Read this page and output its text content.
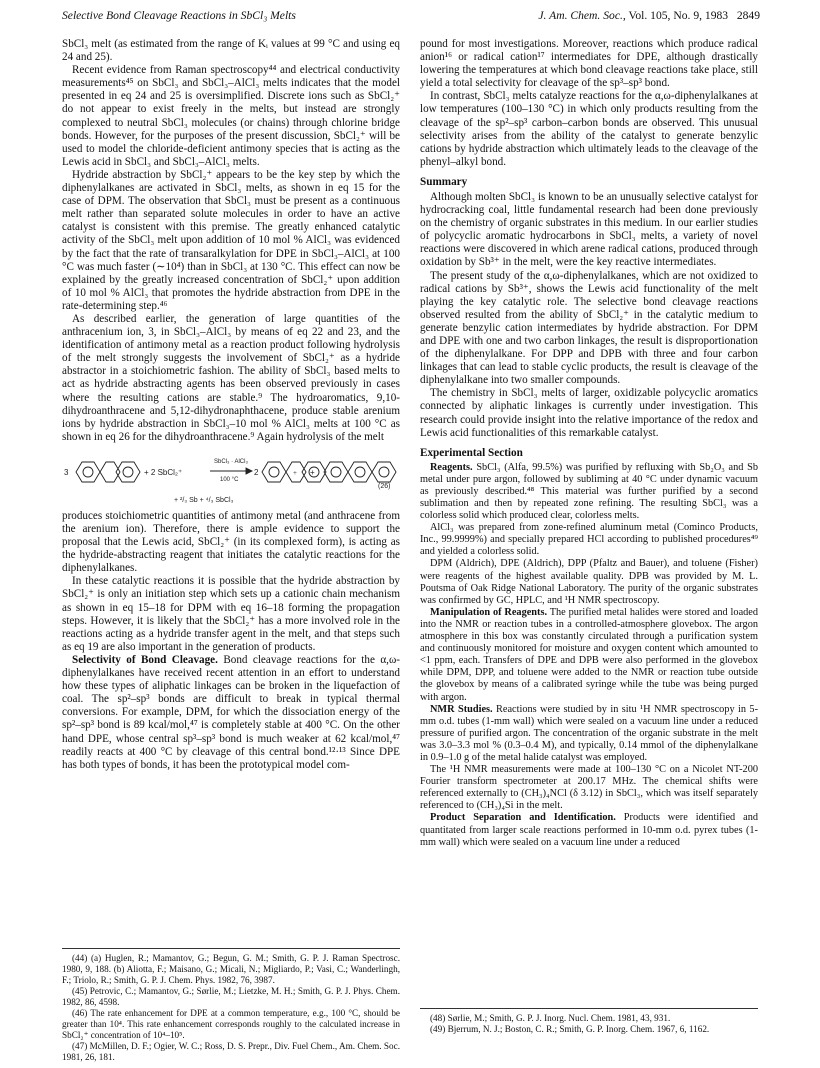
Selective Bond Cleavage Reactions in SbCl₃ Melts	J. Am. Chem. Soc., Vol. 105, No. 9, 1983 2849

SbCl₃ melt (as estimated from the range of Kᵢ values at 99 °C and using eq 24 and 25).

Recent evidence from Raman spectroscopy⁴⁴ and electrical conductivity measurements⁴⁵ on SbCl₃ and SbCl₃–AlCl₃ melts indicates that the model presented in eq 24 and 25 is oversimplified. Discrete ions such as SbCl₂⁺ do not appear to exist freely in the melts, but instead are strongly complexed to neutral SbCl₃ molecules (or chains) through chlorine bridge bonds. However, for the purposes of the present discussion, SbCl₂⁺ will be used to model the chloride-deficient antimony species that is acting as the Lewis acid in SbCl₃ and SbCl₃–AlCl₃ melts.

Hydride abstraction by SbCl₂⁺ appears to be the key step by which the diphenylalkanes are activated in SbCl₃ melts, as shown in eq 15 for the case of DPM. The observation that SbCl₃ must be present as a continuous melt rather than separated solute molecules in order to have an active catalyst is consistent with this premise. The greatly enhanced catalytic activity of the SbCl₃ melt upon addition of 10 mol % AlCl₃ was evidenced by the fact that the rate of transaralkylation for DPE in SbCl₃–AlCl₃ at 100 °C was much faster (∼10⁴) than in SbCl₃ at 130 °C. This effect can now be explained by the greatly increased concentration of SbCl₂⁺ upon addition of 10 mol % AlCl₃ that promotes the hydride abstraction from DPE in the rate-determining step.⁴⁶

As described earlier, the generation of large quantities of the anthracenium ion, 3, in SbCl₃–AlCl₃ by means of eq 22 and 23, and the identification of antimony metal as a reaction product following hydrolysis of the melt strongly suggests the involvement of SbCl₂⁺ as a hydride abstractor in a stoichiometric fashion. The ability of SbCl₃ based melts to act as hydride abstracting agents has been observed previously in cases where the resulting cations are stable.⁹ The hydroaromatics, 9,10-dihydroanthracene and 5,12-dihydronaphthacene, produce stable arenium ions by hydride abstraction in SbCl₃–10 mol % AlCl₃ melts at 100 °C as shown in eq 26 for the dihydroanthracene.⁹ Again hydrolysis of the melt

3	+ 2 SbCl₂⁺
SbCl₃ · AlCl₃
100 °C
2	+
(26)
+ ²/₃ Sb + ⁴/₃ SbCl₃
+

produces stoichiometric quantities of antimony metal (and anthracene from the arenium ion). Therefore, there is ample evidence to support the proposal that the Lewis acid, SbCl₂⁺ (in its complexed form), is acting as the hydride-abstracting reagent that initiates the catalytic reactions for the diphenylalkanes.

In these catalytic reactions it is possible that the hydride abstraction by SbCl₂⁺ is only an initiation step which sets up a cationic chain mechanism as shown in eq 15–18 for DPM with eq 16–18 forming the propagation steps. However, it is likely that the SbCl₂⁺ has a more involved role in the reactions acting as a hydride transfer agent in the melt, and that steps such as eq 19 are also important in the generation of products.

Selectivity of Bond Cleavage. Bond cleavage reactions for the α,ω-diphenylalkanes have received recent attention in an effort to understand how these types of aliphatic linkages can be broken in the liquefaction of coal. The sp²–sp³ bonds are difficult to break in typical thermal conversions. For example, DPM, for which the dissociation energy of the sp²–sp³ bond is 89 kcal/mol,⁴⁷ is completely stable at 400 °C. On the other hand DPE, whose central sp³–sp³ bond is much weaker at 62 kcal/mol,⁴⁷ readily reacts at 400 °C by cleavage of this central bond.¹²·¹³ Since DPE has both types of bonds, it has been the prototypical model com-

(44) (a) Huglen, R.; Mamantov, G.; Begun, G. M.; Smith, G. P. J. Raman Spectrosc. 1980, 9, 188. (b) Aliotta, F.; Maisano, G.; Micali, N.; Migliardo, P.; Vasi, C.; Wanderlingh, F.; Triolo, R.; Smith, G. P. J. Chem. Phys. 1982, 76, 3987.

(45) Petrovic, C.; Mamantov, G.; Sørlie, M.; Lietzke, M. H.; Smith, G. P. J. Phys. Chem. 1982, 86, 4598.

(46) The rate enhancement for DPE at a common temperature, e.g., 100 °C, should be greater than 10⁴. This rate enhancement corresponds roughly to the calculated increase in SbCl₂⁺ concentration of 10⁴–10⁵.

(47) McMillen, D. F.; Ogier, W. C.; Ross, D. S. Prepr., Div. Fuel Chem., Am. Chem. Soc. 1981, 26, 181.

pound for most investigations. Moreover, reactions which produce radical anion¹⁶ or radical cation¹⁷ intermediates for DPE, although drastically lowering the temperatures at which bond cleavage reactions take place, still yield a total selectivity for cleavage of the sp³–sp³ bond.

In contrast, SbCl₃ melts catalyze reactions for the α,ω-diphenylalkanes at low temperatures (100–130 °C) in which only products resulting from the cleavage of the sp²–sp³ carbon–carbon bonds are observed. This unusual selectivity arises from the ability of the catalyst to generate benzylic cations by hydride abstraction which ultimately leads to the cleavage of the phenyl–alkyl bond.

Summary

Although molten SbCl₃ is known to be an unusually selective catalyst for hydrocracking coal, little fundamental research had been done previously on the chemistry of organic substrates in this medium. In our earlier studies of polycyclic aromatic hydrocarbons in SbCl₃ melts, a variety of novel reactions were discovered in which arene radical cations, produced through oxidation by Sb³⁺ in the melt, were the key reactive intermediates.

The present study of the α,ω-diphenylalkanes, which are not oxidized to radical cations by Sb³⁺, shows the Lewis acid functionality of the melt playing the key catalytic role. The selective bond cleavage reactions observed resulted from the ability of SbCl₂⁺ in the catalytic medium to generate benzylic cation intermediates by hydride abstraction. For DPM and DPE with one and two carbon linkages, the result is disproportionation of the diphenylalkane. For DPP and DPB with three and four carbon linkages that can lead to stable cyclic products, the result is cleavage of the diphenylalkane into two smaller compounds.

The chemistry in SbCl₃ melts of larger, oxidizable polycyclic aromatics connected by aliphatic linkages is currently under investigation. This research could provide insight into the relative importance of the redox and Lewis acid functionalities of this remarkable catalyst.

Experimental Section

Reagents. SbCl₃ (Alfa, 99.5%) was purified by refluxing with Sb₂O₃ and Sb metal under pure argon, followed by subliming at 40 °C under dynamic vacuum as previously described.⁴⁸ This material was further purified by a second sublimation and then by repeated zone refining. The resulting SbCl₃ was a colorless solid which produced clear, colorless melts.

AlCl₃ was prepared from zone-refined aluminum metal (Cominco Products, Inc., 99.9999%) and specially prepared HCl according to published procedures⁴⁹ and yielded a colorless solid.

DPM (Aldrich), DPE (Aldrich), DPP (Pfaltz and Bauer), and toluene (Fisher) were reagents of the highest available quality. DPB was provided by M. L. Poutsma of Oak Ridge National Laboratory. The purity of the organic substrates was confirmed by GC, HPLC, and ¹H NMR spectroscopy.

Manipulation of Reagents. The purified metal halides were stored and loaded into the NMR or reaction tubes in a controlled-atmosphere glovebox. The argon atmosphere in this box was constantly circulated through a purification system and continuously monitored for moisture and oxygen content which amounted to <1 ppm, each. Transfers of DPE and DPB were also performed in the glovebox while DPM, DPP, and toluene were added to the NMR or reaction tube outside the glovebox by means of a calibrated syringe while the tube was being purged with argon.

NMR Studies. Reactions were studied by in situ ¹H NMR spectroscopy in 5-mm o.d. tubes (1-mm wall) which were sealed on a vacuum line under a reduced pressure of purified argon. The concentration of the organic substrate in the melt was 3.0–3.3 mol % (0.3–0.4 M), and typically, 0.14 mmol of the diphenylalkane in 0.9–1.0 g of the metal halide catalyst was employed.

The ¹H NMR measurements were made at 100–130 °C on a Nicolet NT-200 Fourier transform spectrometer at 200.17 MHz. The chemical shifts were referenced externally to (CH₃)₄NCl (δ 3.12) in SbCl₃, which was itself separately referenced to (CH₃)₄Si in the melt.

Product Separation and Identification. Products were identified and quantitated from larger scale reactions performed in 10-mm o.d. pyrex tubes (1-mm wall) which were sealed on a vacuum line under a reduced

(48) Sørlie, M.; Smith, G. P. J. Inorg. Nucl. Chem. 1981, 43, 931.

(49) Bjerrum, N. J.; Boston, C. R.; Smith, G. P. Inorg. Chem. 1967, 6, 1162.
